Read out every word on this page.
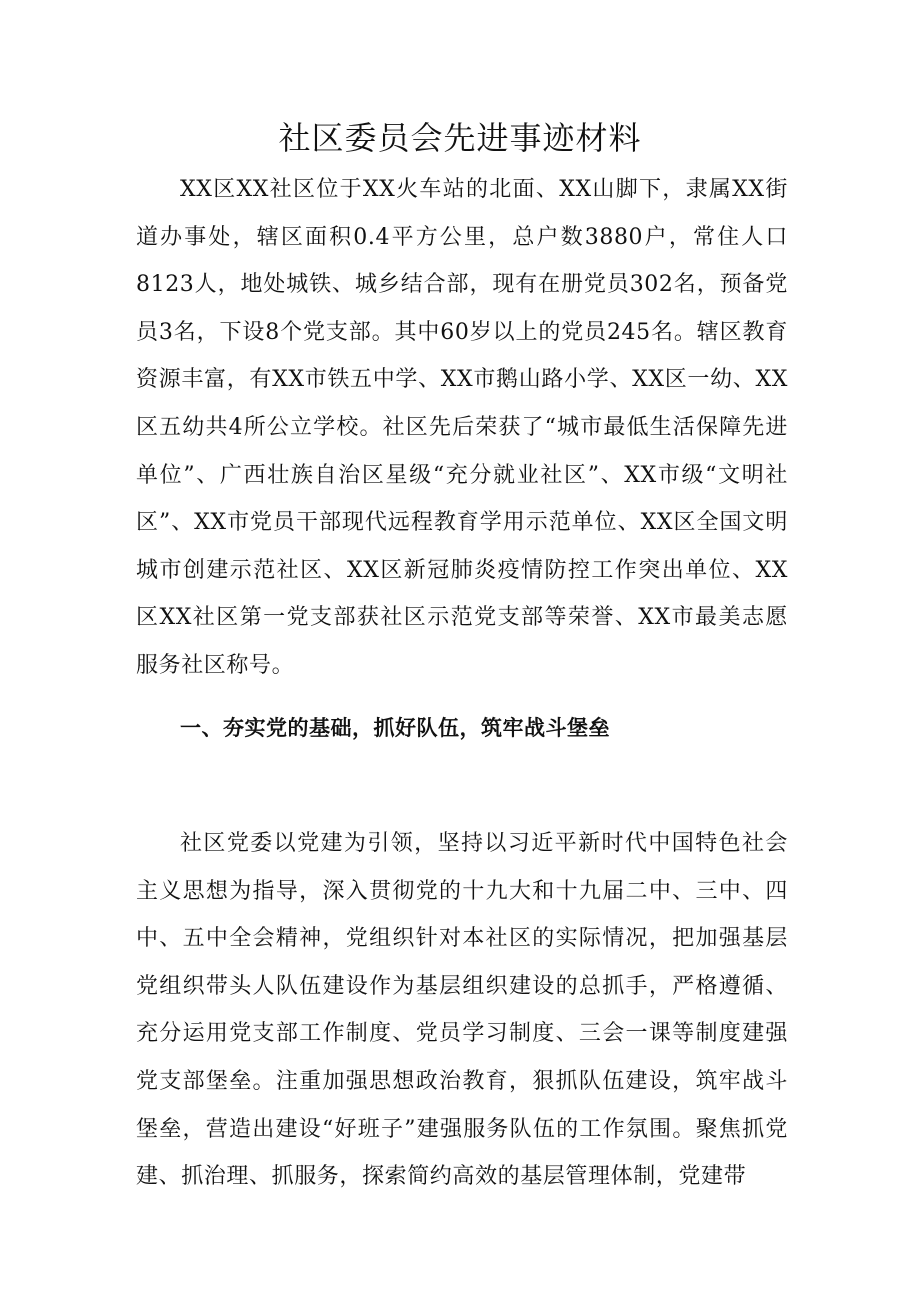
社区委员会先进事迹材料

XX区XX社区位于XX火车站的北面、XX山脚下，隶属XX街道办事处，辖区面积0.4平方公里，总户数3880户，常住人口8123人，地处城铁、城乡结合部，现有在册党员302名，预备党员3名，下设8个党支部。其中60岁以上的党员245名。辖区教育资源丰富，有XX市铁五中学、XX市鹅山路小学、XX区一幼、XX区五幼共4所公立学校。社区先后荣获了“城市最低生活保障先进单位”、广西壮族自治区星级“充分就业社区”、XX市级“文明社区”、XX市党员干部现代远程教育学用示范单位、XX区全国文明城市创建示范社区、XX区新冠肺炎疫情防控工作突出单位、XX区XX社区第一党支部获社区示范党支部等荣誉、XX市最美志愿服务社区称号。

一、夯实党的基础，抓好队伍，筑牢战斗堡垒

社区党委以党建为引领，坚持以习近平新时代中国特色社会主义思想为指导，深入贯彻党的十九大和十九届二中、三中、四中、五中全会精神，党组织针对本社区的实际情况，把加强基层党组织带头人队伍建设作为基层组织建设的总抓手，严格遵循、充分运用党支部工作制度、党员学习制度、三会一课等制度建强党支部堡垒。注重加强思想政治教育，狠抓队伍建设，筑牢战斗堡垒，营造出建设“好班子”建强服务队伍的工作氛围。聚焦抓党建、抓治理、抓服务，探索简约高效的基层管理体制，党建带
